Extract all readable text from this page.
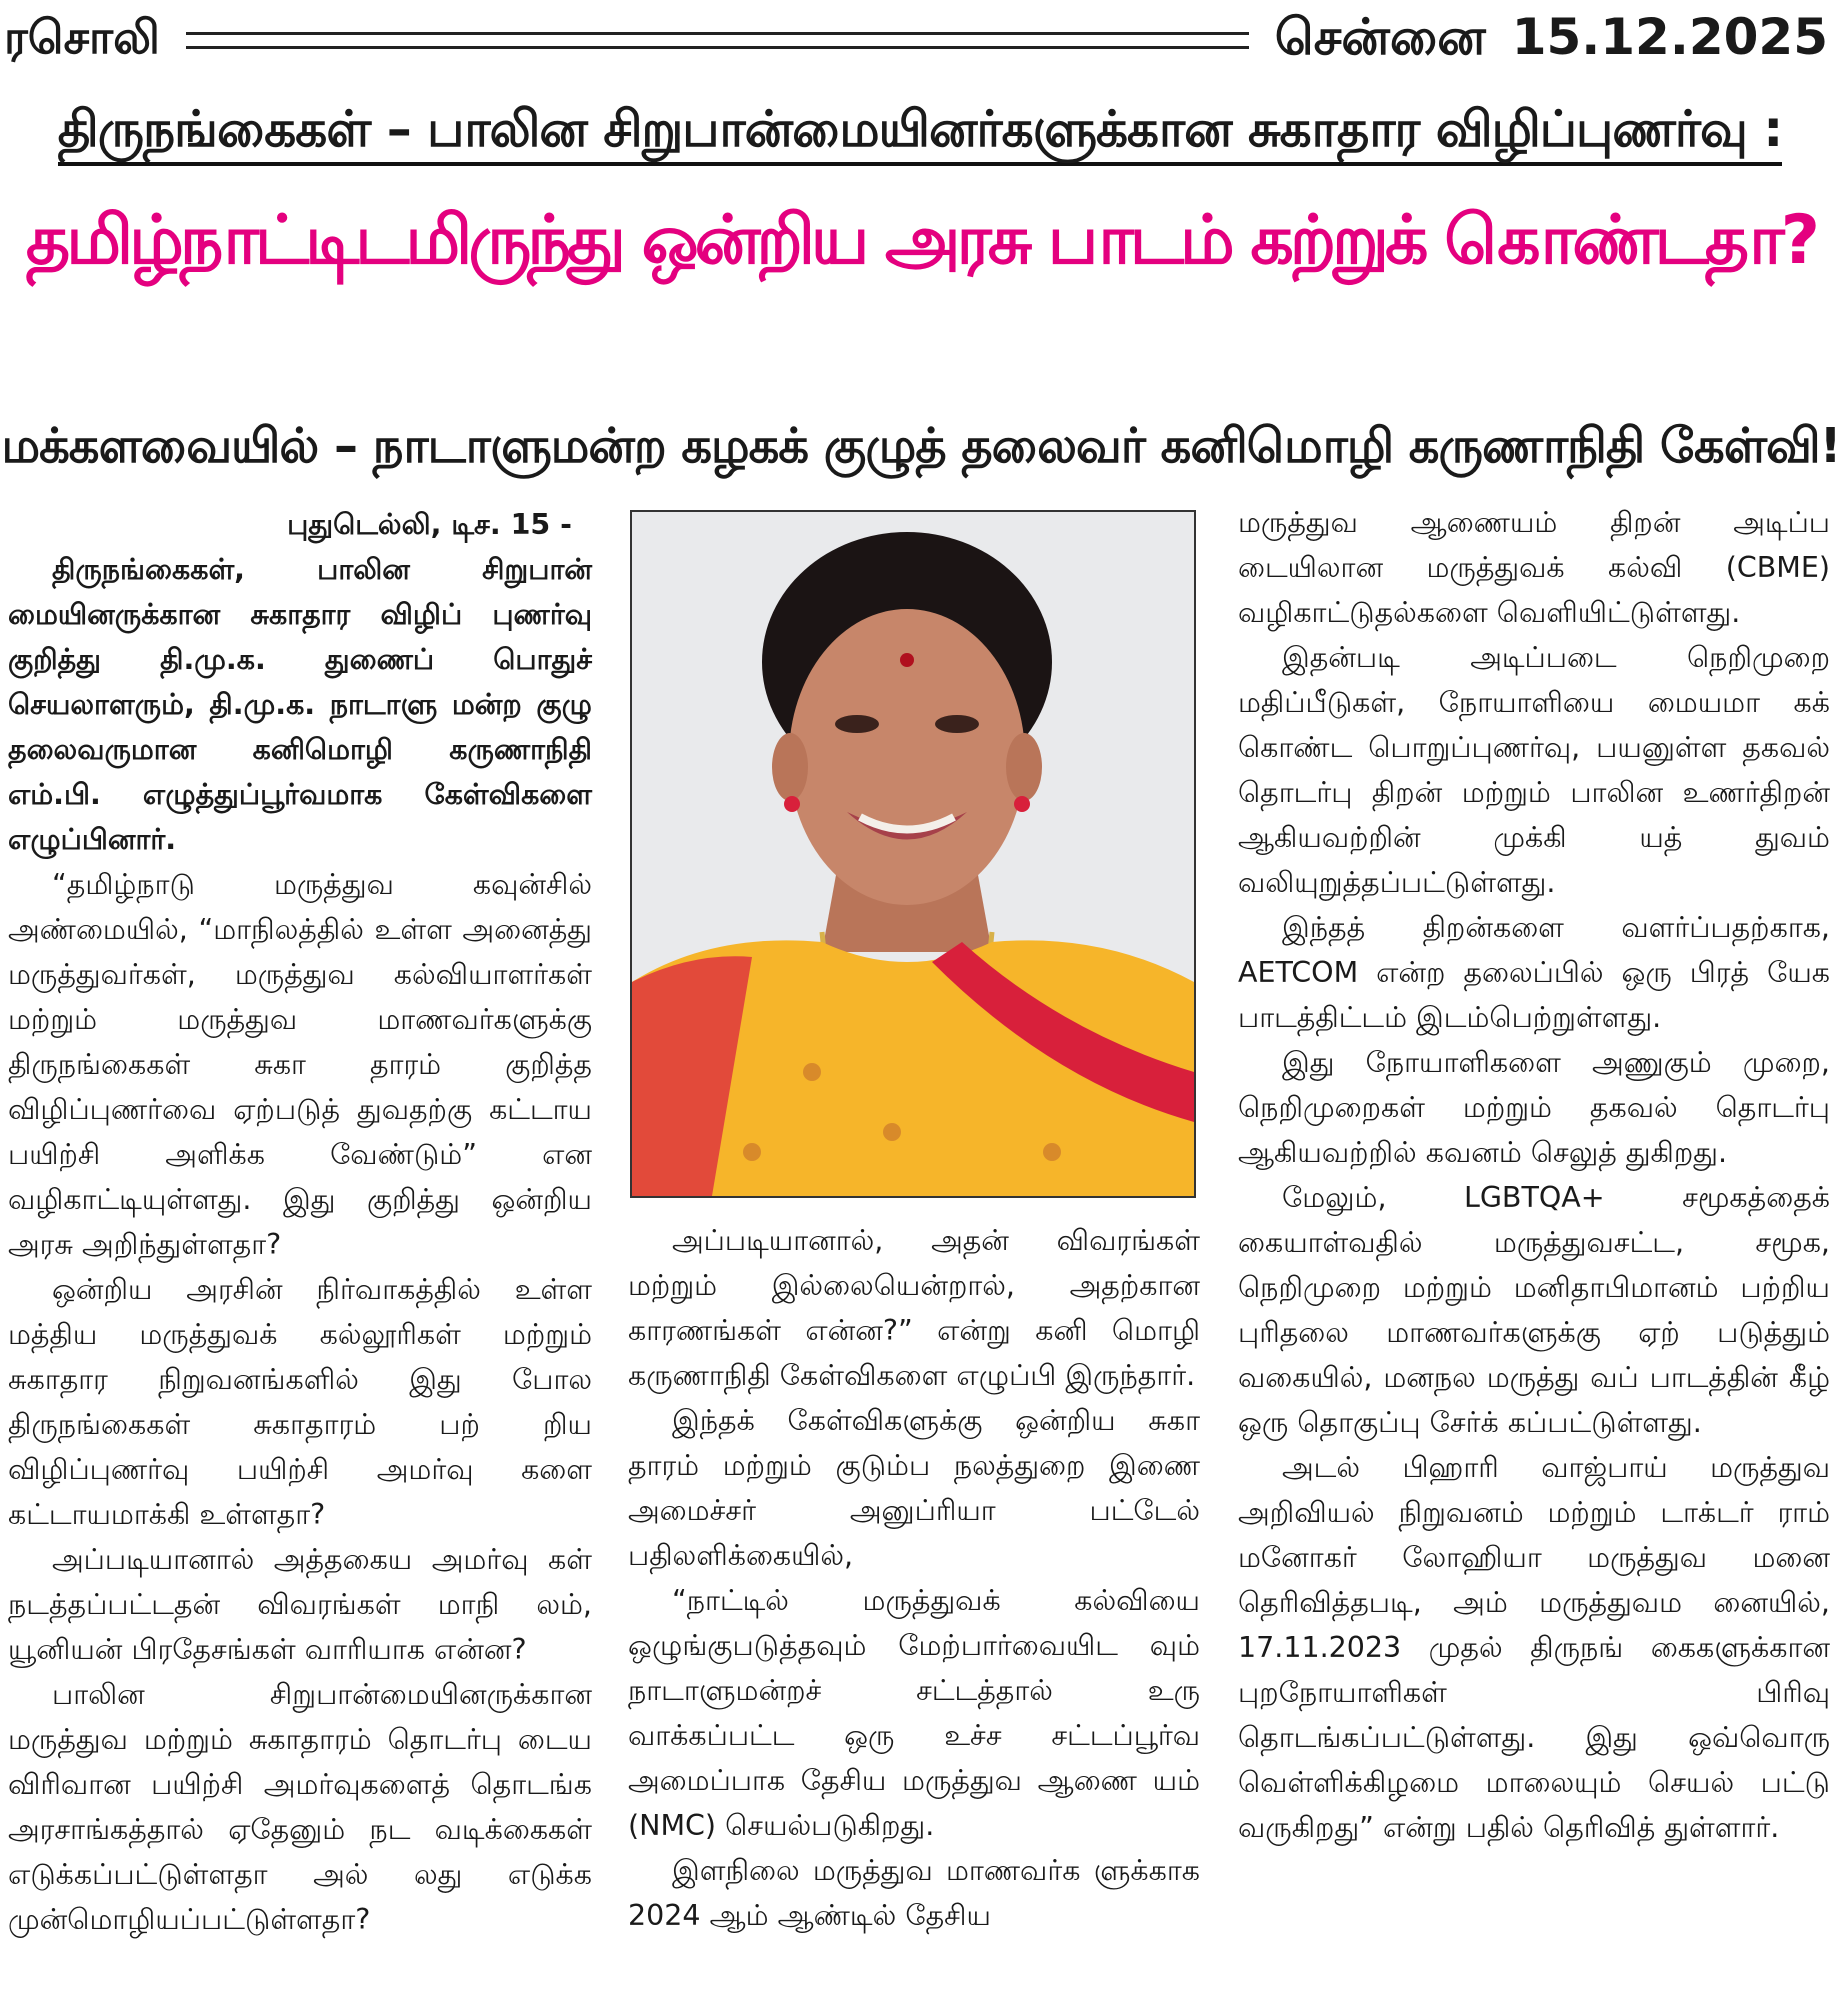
ரசொலி	சென்னை 15.12.2025
திருநங்கைகள் – பாலின சிறுபான்மையினர்களுக்கான சுகாதார விழிப்புணர்வு :
தமிழ்நாட்டிடமிருந்து ஒன்றிய அரசு பாடம் கற்றுக் கொண்டதா?
மக்களவையில் – நாடாளுமன்ற கழகக் குழுத் தலைவர் கனிமொழி கருணாநிதி கேள்வி!

புதுடெல்லி, டிச. 15 -

திருநங்கைகள், பாலின சிறுபான் மையினருக்கான சுகாதார விழிப் புணர்வு குறித்து தி.மு.க. துணைப் பொதுச் செயலாளரும், தி.மு.க. நாடாளு மன்ற குழு தலைவருமான கனிமொழி கருணாநிதி எம்.பி. எழுத்துப்பூர்வமாக கேள்விகளை எழுப்பினார்.

“தமிழ்நாடு மருத்துவ கவுன்சில் அண்மையில், “மாநிலத்தில் உள்ள அனைத்து மருத்துவர்கள், மருத்துவ கல்வியாளர்கள் மற்றும் மருத்துவ மாணவர்களுக்கு திருநங்கைகள் சுகா தாரம் குறித்த விழிப்புணர்வை ஏற்படுத் துவதற்கு கட்டாய பயிற்சி அளிக்க வேண்டும்” என வழிகாட்டியுள்ளது. இது குறித்து ஒன்றிய அரசு அறிந்துள்ளதா?

ஒன்றிய அரசின் நிர்வாகத்தில் உள்ள மத்திய மருத்துவக் கல்லூரிகள் மற்றும் சுகாதார நிறுவனங்களில் இது போல திருநங்கைகள் சுகாதாரம் பற் றிய விழிப்புணர்வு பயிற்சி அமர்வு களை கட்டாயமாக்கி உள்ளதா?

அப்படியானால் அத்தகைய அமர்வு கள் நடத்தப்பட்டதன் விவரங்கள் மாநி லம், யூனியன் பிரதேசங்கள் வாரியாக என்ன?

பாலின சிறுபான்மையினருக்கான மருத்துவ மற்றும் சுகாதாரம் தொடர்பு டைய விரிவான பயிற்சி அமர்வுகளைத் தொடங்க அரசாங்கத்தால் ஏதேனும் நட வடிக்கைகள் எடுக்கப்பட்டுள்ளதா அல் லது எடுக்க முன்மொழியப்பட்டுள்ளதா?

அப்படியானால், அதன் விவரங்கள் மற்றும் இல்லையென்றால், அதற்கான காரணங்கள் என்ன?” என்று கனி மொழி கருணாநிதி கேள்விகளை எழுப்பி இருந்தார்.

இந்தக் கேள்விகளுக்கு ஒன்றிய சுகா தாரம் மற்றும் குடும்ப நலத்துறை இணை அமைச்சர் அனுப்ரியா பட்டேல் பதிலளிக்கையில்,

“நாட்டில் மருத்துவக் கல்வியை ஒழுங்குபடுத்தவும் மேற்பார்வையிட வும் நாடாளுமன்றச் சட்டத்தால் உரு வாக்கப்பட்ட ஒரு உச்ச சட்டப்பூர்வ அமைப்பாக தேசிய மருத்துவ ஆணை யம் (NMC) செயல்படுகிறது.

இளநிலை மருத்துவ மாணவர்க ளுக்காக 2024 ஆம் ஆண்டில் தேசிய

மருத்துவ ஆணையம் திறன் அடிப்ப டையிலான மருத்துவக் கல்வி (CBME) வழிகாட்டுதல்களை வெளியிட்டுள்ளது.

இதன்படி அடிப்படை நெறிமுறை மதிப்பீடுகள், நோயாளியை மையமா கக் கொண்ட பொறுப்புணர்வு, பயனுள்ள தகவல் தொடர்பு திறன் மற்றும் பாலின உணர்திறன் ஆகியவற்றின் முக்கி யத் துவம் வலியுறுத்தப்பட்டுள்ளது.

இந்தத் திறன்களை வளர்ப்பதற்காக, AETCOM என்ற தலைப்பில் ஒரு பிரத் யேக பாடத்திட்டம் இடம்பெற்றுள்ளது.

இது நோயாளிகளை அணுகும் முறை, நெறிமுறைகள் மற்றும் தகவல் தொடர்பு ஆகியவற்றில் கவனம் செலுத் துகிறது.

மேலும், LGBTQA+ சமூகத்தைக் கையாள்வதில் மருத்துவசட்ட, சமூக, நெறிமுறை மற்றும் மனிதாபிமானம் பற்றிய புரிதலை மாணவர்களுக்கு ஏற் படுத்தும் வகையில், மனநல மருத்து வப் பாடத்தின் கீழ் ஒரு தொகுப்பு சேர்க் கப்பட்டுள்ளது.

அடல் பிஹாரி வாஜ்பாய் மருத்துவ அறிவியல் நிறுவனம் மற்றும் டாக்டர் ராம் மனோகர் லோஹியா மருத்துவ மனை தெரிவித்தபடி, அம் மருத்துவம னையில், 17.11.2023 முதல் திருநங் கைகளுக்கான புறநோயாளிகள் பிரிவு தொடங்கப்பட்டுள்ளது. இது ஒவ்வொரு வெள்ளிக்கிழமை மாலையும் செயல் பட்டு வருகிறது” என்று பதில் தெரிவித் துள்ளார்.
